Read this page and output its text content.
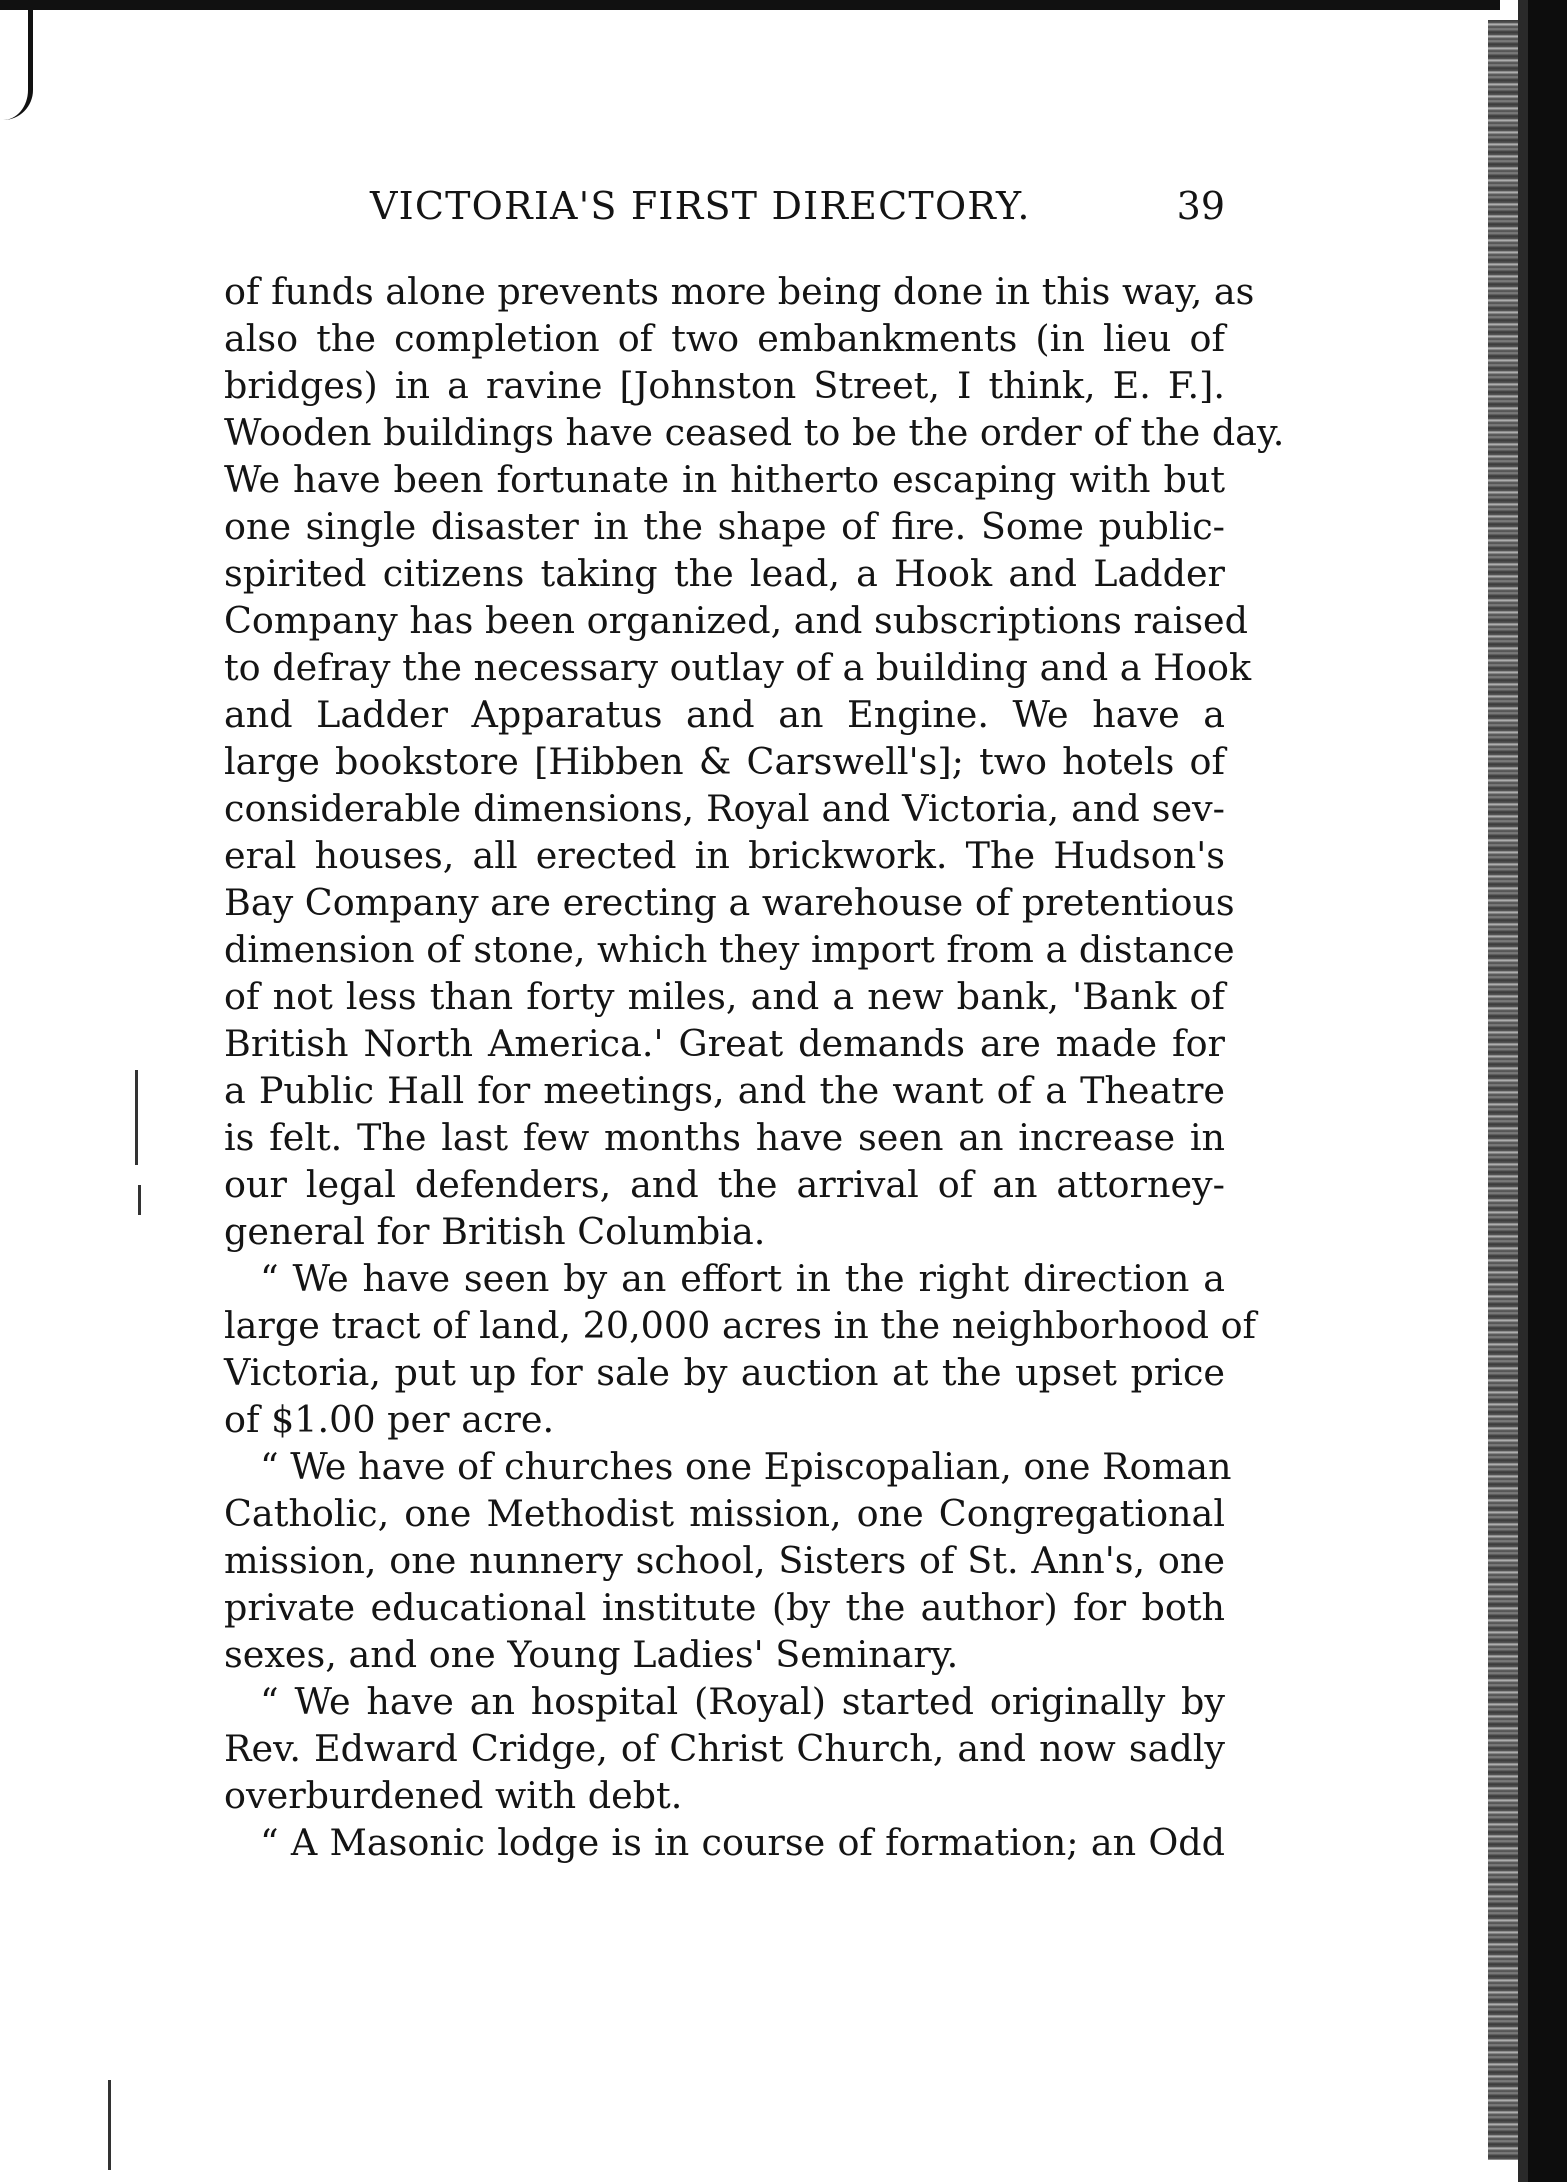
VICTORIA'S FIRST DIRECTORY.	39
of funds alone prevents more being done in this way, as
also the completion of two embankments (in lieu of
bridges) in a ravine [Johnston Street, I think, E. F.].
Wooden buildings have ceased to be the order of the day.
We have been fortunate in hitherto escaping with but
one single disaster in the shape of fire. Some public-
spirited citizens taking the lead, a Hook and Ladder
Company has been organized, and subscriptions raised
to defray the necessary outlay of a building and a Hook
and Ladder Apparatus and an Engine. We have a
large bookstore [Hibben & Carswell's]; two hotels of
considerable dimensions, Royal and Victoria, and sev-
eral houses, all erected in brickwork. The Hudson's
Bay Company are erecting a warehouse of pretentious
dimension of stone, which they import from a distance
of not less than forty miles, and a new bank, 'Bank of
British North America.' Great demands are made for
a Public Hall for meetings, and the want of a Theatre
is felt. The last few months have seen an increase in
our legal defenders, and the arrival of an attorney-
general for British Columbia.
“ We have seen by an effort in the right direction a
large tract of land, 20,000 acres in the neighborhood of
Victoria, put up for sale by auction at the upset price
of $1.00 per acre.
“ We have of churches one Episcopalian, one Roman
Catholic, one Methodist mission, one Congregational
mission, one nunnery school, Sisters of St. Ann's, one
private educational institute (by the author) for both
sexes, and one Young Ladies' Seminary.
“ We have an hospital (Royal) started originally by
Rev. Edward Cridge, of Christ Church, and now sadly
overburdened with debt.
“ A Masonic lodge is in course of formation; an Odd
